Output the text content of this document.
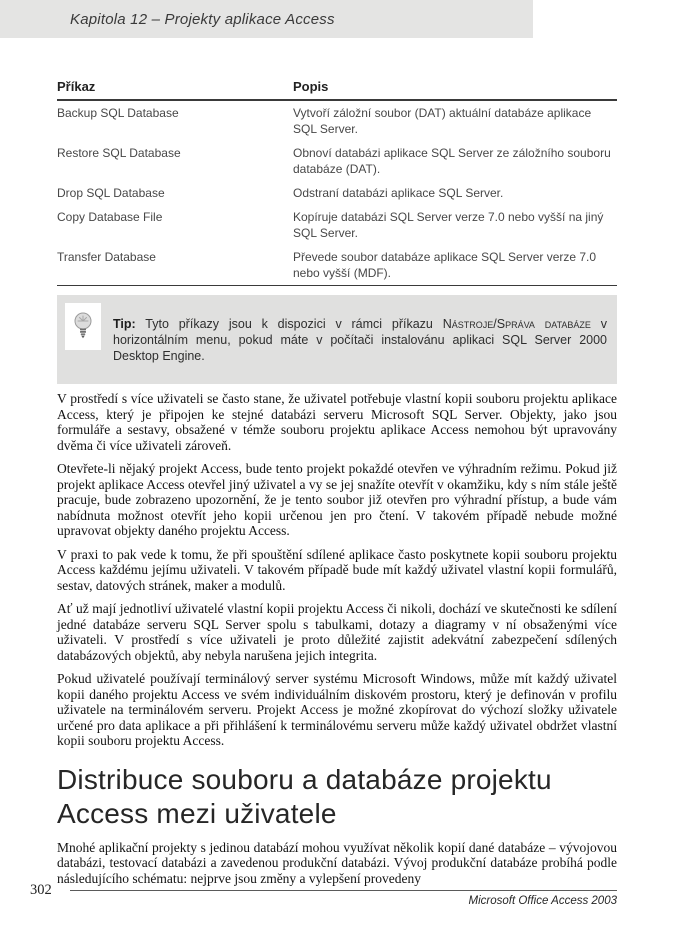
Kapitola 12 – Projekty aplikace Access
Příkaz	Popis
Backup SQL Database	Vytvoří záložní soubor (DAT) aktuální databáze aplikace SQL Server.
Restore SQL Database	Obnoví databázi aplikace SQL Server ze záložního souboru databáze (DAT).
Drop SQL Database	Odstraní databázi aplikace SQL Server.
Copy Database File	Kopíruje databázi SQL Server verze 7.0 nebo vyšší na jiný SQL Server.
Transfer Database	Převede soubor databáze aplikace SQL Server verze 7.0 nebo vyšší (MDF).

Tip: Tyto příkazy jsou k dispozici v rámci příkazu Nástroje/Správa databáze v horizontálním menu, pokud máte v počítači instalovánu aplikaci SQL Server 2000 Desktop Engine.

V prostředí s více uživateli se často stane, že uživatel potřebuje vlastní kopii souboru projektu aplikace Access, který je připojen ke stejné databázi serveru Microsoft SQL Server. Objekty, jako jsou formuláře a sestavy, obsažené v témže souboru projektu aplikace Access nemohou být upravovány dvěma či více uživateli zároveň.

Otevřete-li nějaký projekt Access, bude tento projekt pokaždé otevřen ve výhradním režimu. Pokud již projekt aplikace Access otevřel jiný uživatel a vy se jej snažíte otevřít v okamžiku, kdy s ním stále ještě pracuje, bude zobrazeno upozornění, že je tento soubor již otevřen pro výhradní přístup, a bude vám nabídnuta možnost otevřít jeho kopii určenou jen pro čtení. V takovém případě nebude možné upravovat objekty daného projektu Access.

V praxi to pak vede k tomu, že při spouštění sdílené aplikace často poskytnete kopii souboru projektu Access každému jejímu uživateli. V takovém případě bude mít každý uživatel vlastní kopii formulářů, sestav, datových stránek, maker a modulů.

Ať už mají jednotliví uživatelé vlastní kopii projektu Access či nikoli, dochází ve skutečnosti ke sdílení jedné databáze serveru SQL Server spolu s tabulkami, dotazy a diagramy v ní obsaženými více uživateli. V prostředí s více uživateli je proto důležité zajistit adekvátní zabezpečení sdílených databázových objektů, aby nebyla narušena jejich integrita.

Pokud uživatelé používají terminálový server systému Microsoft Windows, může mít každý uživatel kopii daného projektu Access ve svém individuálním diskovém prostoru, který je definován v profilu uživatele na terminálovém serveru. Projekt Access je možné zkopírovat do výchozí složky uživatele určené pro data aplikace a při přihlášení k terminálovému serveru může každý uživatel obdržet vlastní kopii souboru projektu Access.

Distribuce souboru a databáze projektu Access mezi uživatele

Mnohé aplikační projekty s jedinou databází mohou využívat několik kopií dané databáze – vývojovou databázi, testovací databázi a zavedenou produkční databázi. Vývoj produkční databáze probíhá podle následujícího schématu: nejprve jsou změny a vylepšení provedeny

302
Microsoft Office Access 2003
